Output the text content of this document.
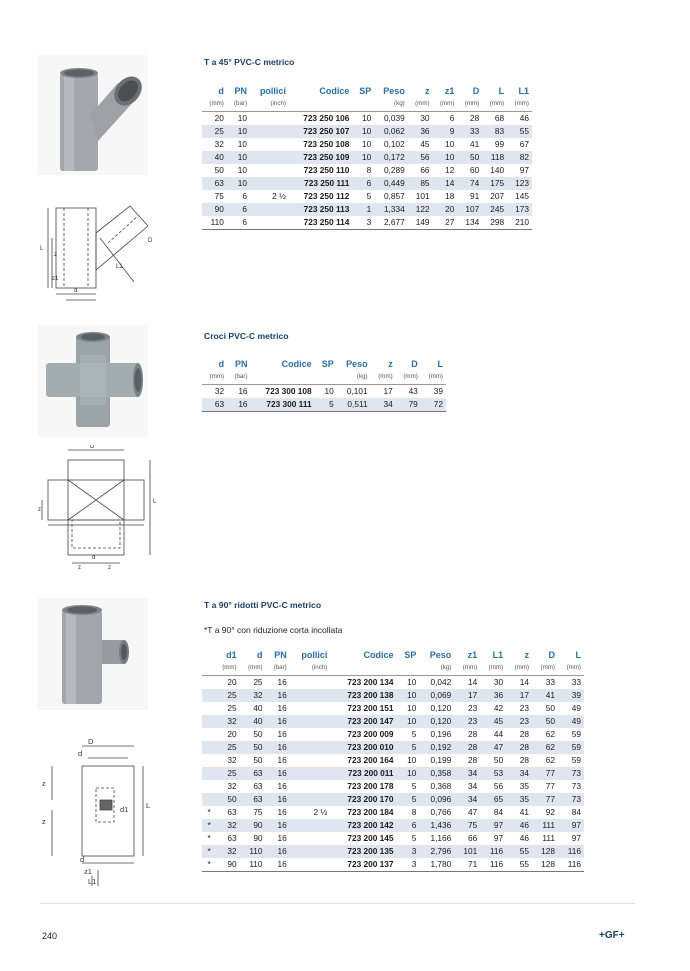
L
z
z1
D
d
L1
T a 45° PVC-C metrico
d	PN	pollici	Codice	SP	Peso	z	z1	D	L	L1
(mm)	(bar)	(inch)			(kg)	(mm)	(mm)	(mm)	(mm)	(mm)
20	10		723 250 106	10	0,039	30	6	28	68	46
25	10		723 250 107	10	0,062	36	9	33	83	55
32	10		723 250 108	10	0,102	45	10	41	99	67
40	10		723 250 109	10	0,172	56	10	50	118	82
50	10		723 250 110	8	0,289	66	12	60	140	97
63	10		723 250 111	6	0,449	85	14	74	175	123
75	6	2 ½	723 250 112	5	0,857	101	18	91	207	145
90	6		723 250 113	1	1,334	122	20	107	245	173
110	6		723 250 114	3	2,677	149	27	134	298	210
D
z
L
d
z	z
Croci PVC-C metrico
d	PN	Codice	SP	Peso	z	D	L
(mm)	(bar)			(kg)	(mm)	(mm)	(mm)
32	16	723 300 108	10	0,101	17	43	39
63	16	723 300 111	5	0,511	34	79	72
D
d
z
z
d1 L
d
z1
L1
T a 90° ridotti PVC-C metrico
*T a 90° con riduzione corta incollata
	d1	d	PN	pollici	Codice	SP	Peso	z1	L1	z	D	L
	(mm)	(mm)	(bar)	(inch)			(kg)	(mm)	(mm)	(mm)	(mm)	(mm)
	20	25	16		723 200 134	10	0,042	14	30	14	33	33
	25	32	16		723 200 138	10	0,069	17	36	17	41	39
	25	40	16		723 200 151	10	0,120	23	42	23	50	49
	32	40	16		723 200 147	10	0,120	23	45	23	50	49
	20	50	16		723 200 009	5	0,196	28	44	28	62	59
	25	50	16		723 200 010	5	0,192	28	47	28	62	59
	32	50	16		723 200 164	10	0,199	28	50	28	62	59
	25	63	16		723 200 011	10	0,358	34	53	34	77	73
	32	63	16		723 200 178	5	0,368	34	56	35	77	73
	50	63	16		723 200 170	5	0,096	34	65	35	77	73
*	63	75	16	2 ½	723 200 184	8	0,766	47	84	41	92	84
*	32	90	16		723 200 142	6	1,436	75	97	46	111	97
*	63	90	16		723 200 145	5	1,166	66	97	46	111	97
*	32	110	16		723 200 135	3	2,796	101	116	55	128	116
*	90	110	16		723 200 137	3	1,780	71	116	55	128	116
240	+GF+
